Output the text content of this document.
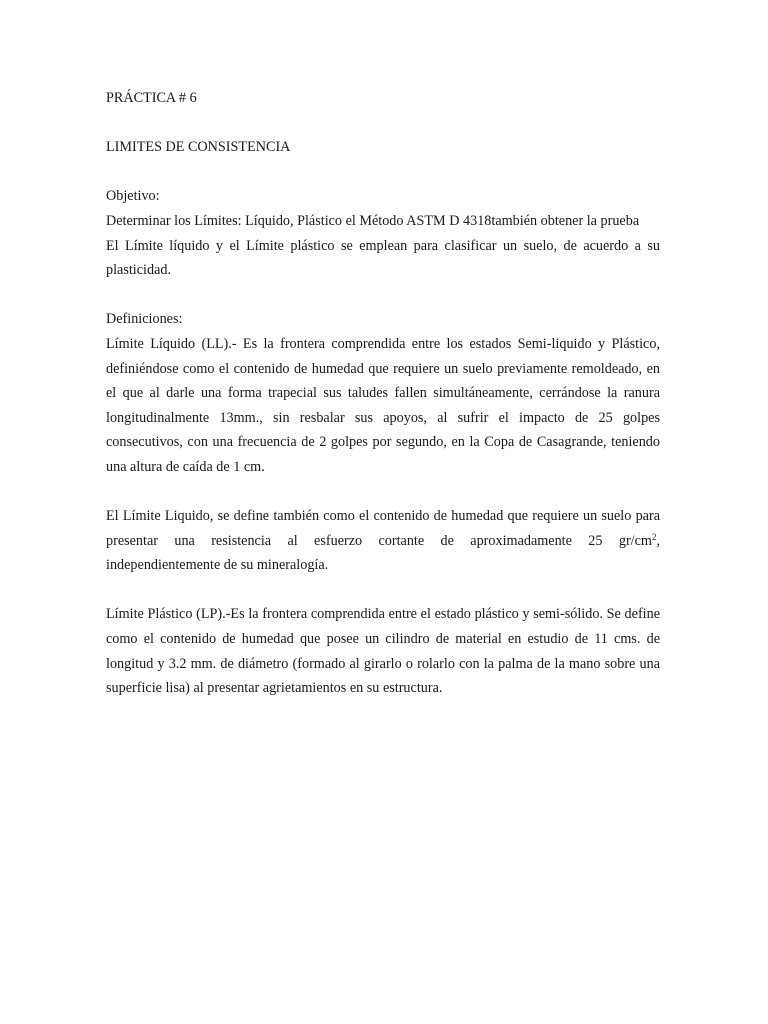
PRÁCTICA # 6

LIMITES DE CONSISTENCIA

Objetivo:

Determinar los Límites: Líquido, Plástico el Método ASTM D 4318también obtener la prueba

El Límite líquido y el Límite plástico se emplean para clasificar un suelo, de acuerdo a su plasticidad.

Definiciones:

Límite Líquido (LL).- Es la frontera comprendida entre los estados Semi-liquido y Plástico, definiéndose como el contenido de humedad que requiere un suelo previamente remoldeado, en el que al darle una forma trapecial sus taludes fallen simultáneamente, cerrándose la ranura longitudinalmente 13mm., sin resbalar sus apoyos, al sufrir el impacto de 25 golpes consecutivos, con una frecuencia de 2 golpes por segundo, en la Copa de Casagrande, teniendo una altura de caída de 1 cm.

El Límite Liquido, se define también como el contenido de humedad que requiere un suelo para presentar una resistencia al esfuerzo cortante de aproximadamente 25 $gr/cm^2$, independientemente de su mineralogía.

Límite Plástico (LP).-Es la frontera comprendida entre el estado plástico y semi-sólido. Se define como el contenido de humedad que posee un cilindro de material en estudio de 11 cms. de longitud y 3.2 mm. de diámetro (formado al girarlo o rolarlo con la palma de la mano sobre una superficie lisa) al presentar agrietamientos en su estructura.
